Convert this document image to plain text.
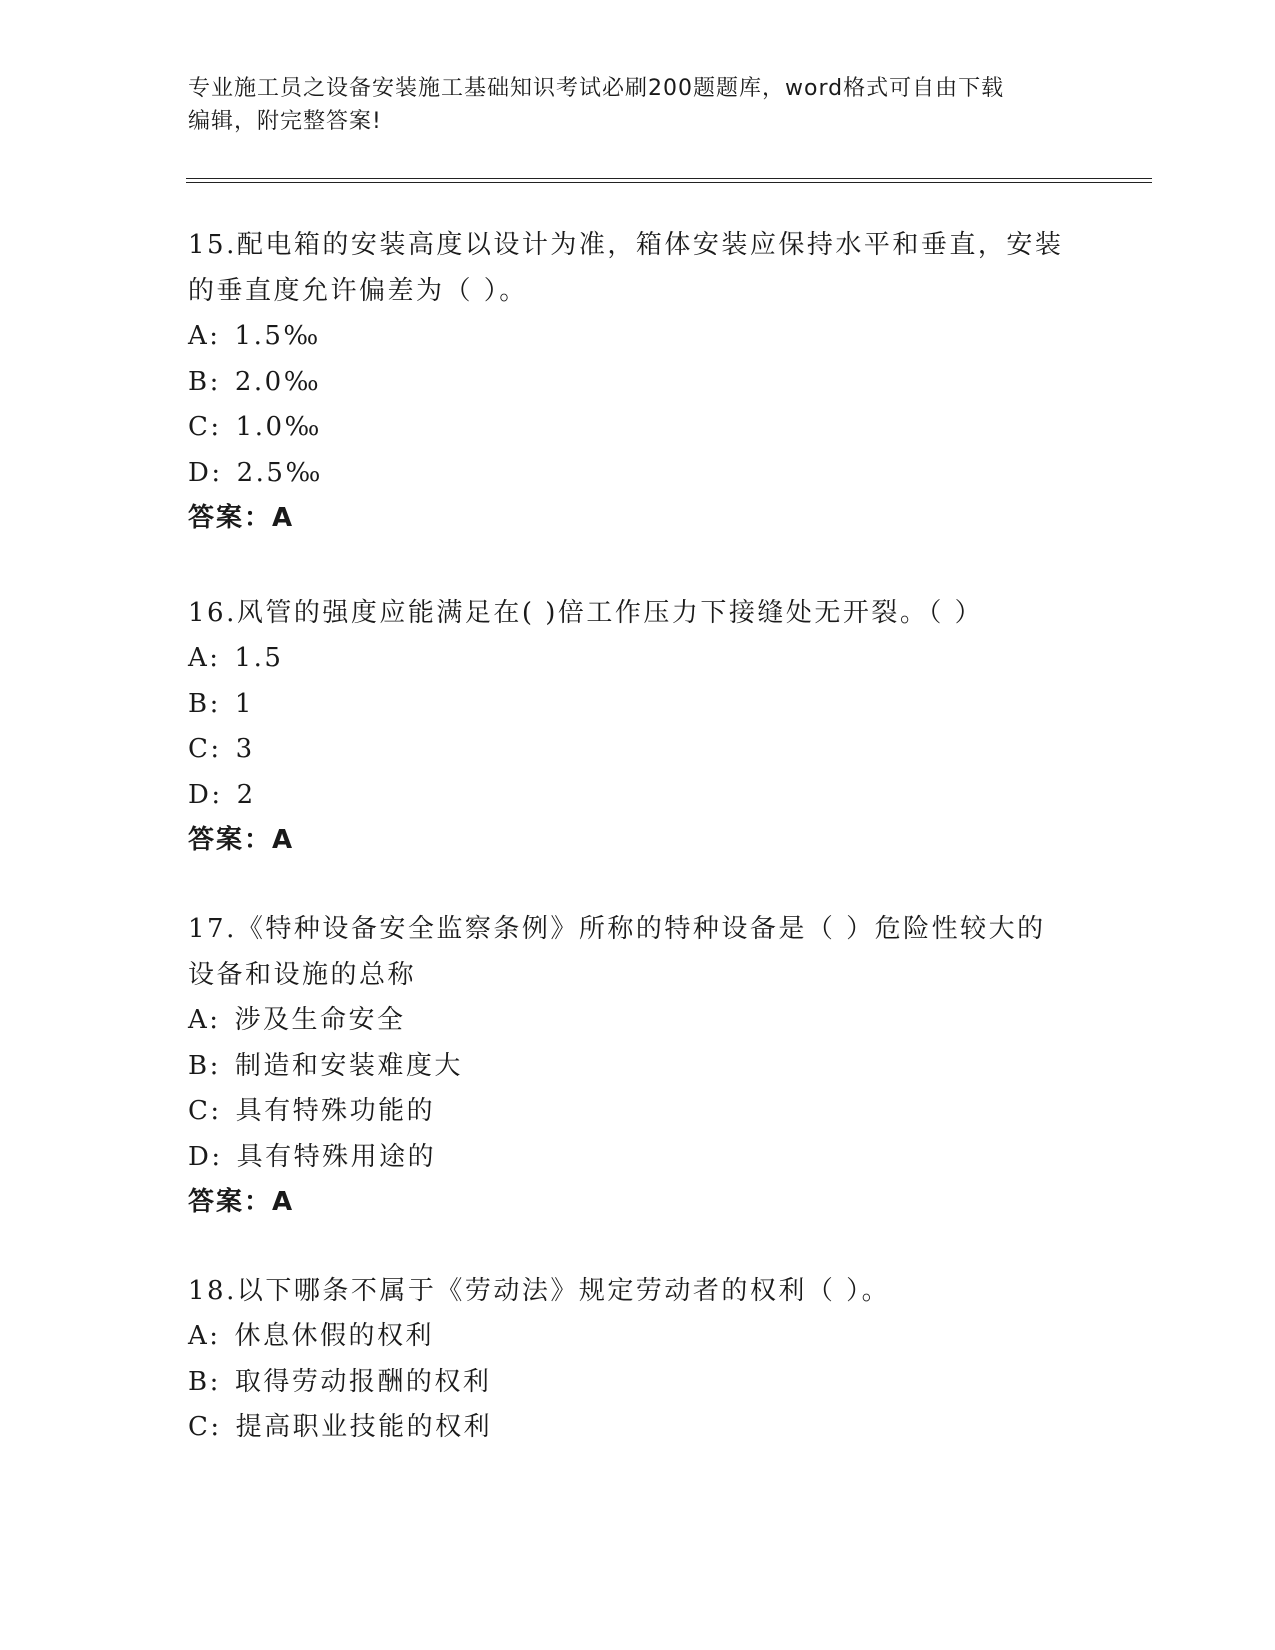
专业施工员之设备安装施工基础知识考试必刷200题题库，word格式可自由下载
编辑，附完整答案!

15.配电箱的安装高度以设计为准，箱体安装应保持水平和垂直，安装
的垂直度允许偏差为（ ）。

A: 1.5‰

B: 2.0‰

C: 1.0‰

D: 2.5‰

答案：A

16.风管的强度应能满足在( )倍工作压力下接缝处无开裂。（ ）

A: 1.5

B: 1

C: 3

D: 2

答案：A

17.《特种设备安全监察条例》所称的特种设备是（ ）危险性较大的
设备和设施的总称

A: 涉及生命安全

B: 制造和安装难度大

C: 具有特殊功能的

D: 具有特殊用途的

答案：A

18.以下哪条不属于《劳动法》规定劳动者的权利（ ）。

A: 休息休假的权利

B: 取得劳动报酬的权利

C: 提高职业技能的权利
